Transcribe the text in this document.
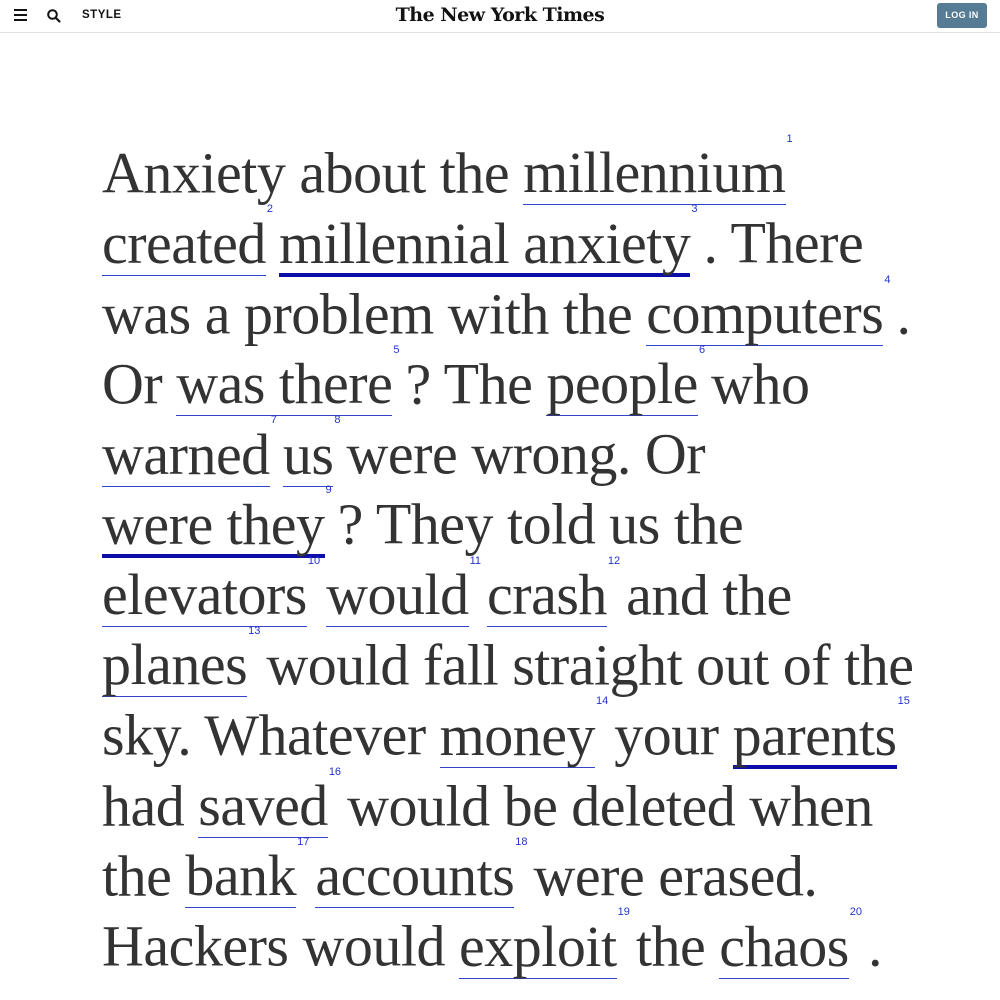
STYLE	The New York Times	LOG IN
Anxiety about the millennium$^1$
created$^2$millennial anxiety$^3$. There
was a problem with the computers$^4$.
Or was there$^5$? The people$^6$who
warned$^7$us$^8$were wrong. Or
were they$^9$? They told us the
elevators$^{10}$would$^{11}$crash$^{12}$and the
planes$^{13}$would fall straight out of the
sky. Whatever money$^{14}$your parents$^{15}$
had saved$^{16}$would be deleted when
the bank$^{17}$accounts$^{18}$were erased.
Hackers would exploit$^{19}$the chaos$^{20}$.
